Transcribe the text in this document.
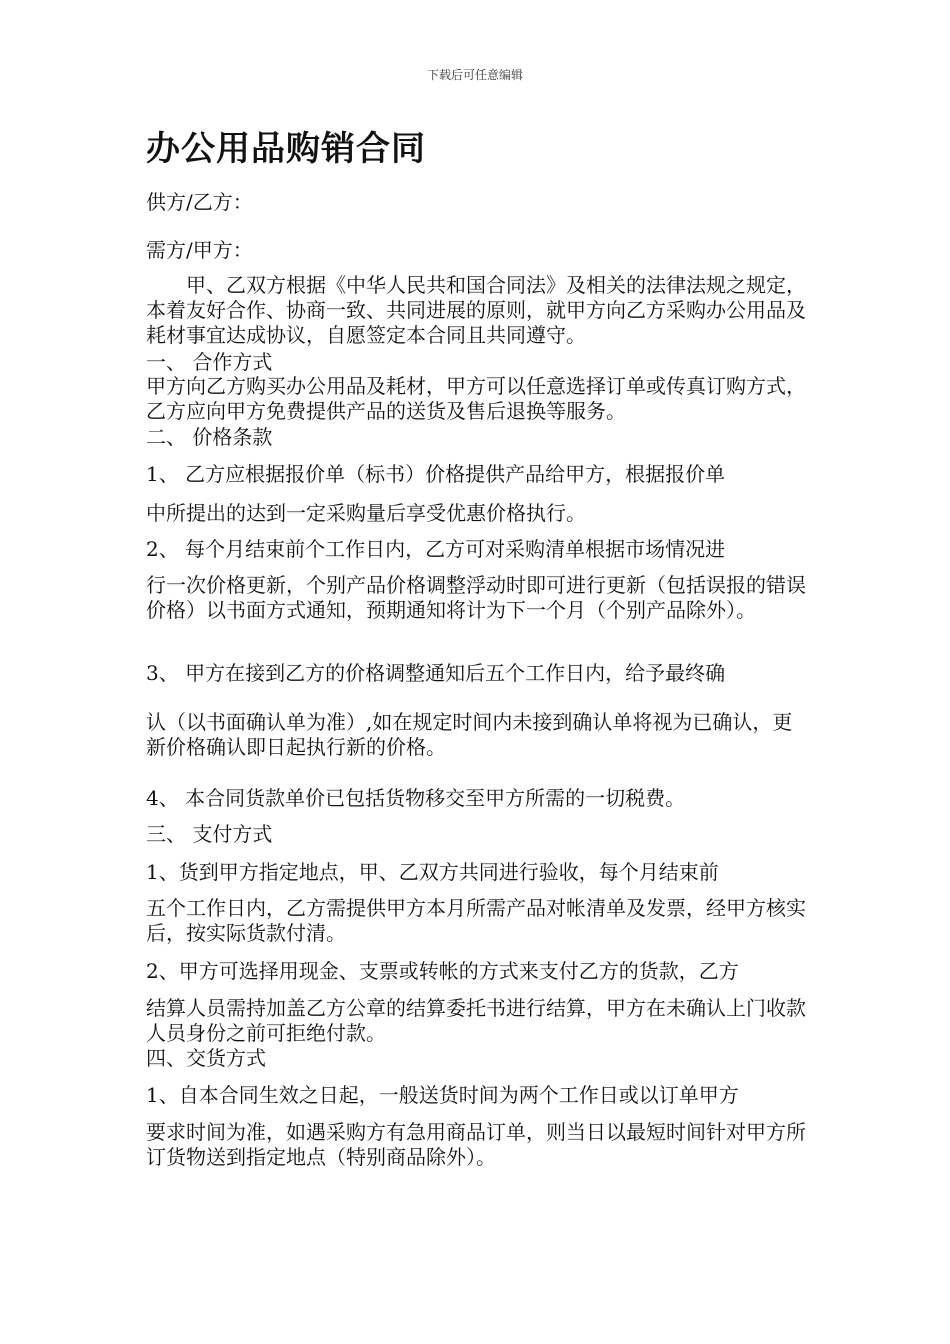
下载后可任意编辑
办公用品购销合同
供方/乙方：
需方/甲方：

甲、乙双方根据《中华人民共和国合同法》及相关的法律法规之规定，本着友好合作、协商一致、共同进展的原则，就甲方向乙方采购办公用品及耗材事宜达成协议，自愿签定本合同且共同遵守。

一、 合作方式

甲方向乙方购买办公用品及耗材，甲方可以任意选择订单或传真订购方式，乙方应向甲方免费提供产品的送货及售后退换等服务。

二、 价格条款
1、 乙方应根据报价单（标书）价格提供产品给甲方，根据报价单
中所提出的达到一定采购量后享受优惠价格执行。
2、 每个月结束前个工作日内，乙方可对采购清单根据市场情况进

行一次价格更新，个别产品价格调整浮动时即可进行更新（包括误报的错误价格）以书面方式通知，预期通知将计为下一个月（个别产品除外）。

3、 甲方在接到乙方的价格调整通知后五个工作日内，给予最终确

认（以书面确认单为准）,如在规定时间内未接到确认单将视为已确认，更新价格确认即日起执行新的价格。

4、 本合同货款单价已包括货物移交至甲方所需的一切税费。
三、 支付方式
1、货到甲方指定地点，甲、乙双方共同进行验收，每个月结束前

五个工作日内，乙方需提供甲方本月所需产品对帐清单及发票，经甲方核实后，按实际货款付清。

2、甲方可选择用现金、支票或转帐的方式来支付乙方的货款，乙方

结算人员需持加盖乙方公章的结算委托书进行结算，甲方在未确认上门收款人员身份之前可拒绝付款。

四、交货方式
1、自本合同生效之日起，一般送货时间为两个工作日或以订单甲方

要求时间为准，如遇采购方有急用商品订单，则当日以最短时间针对甲方所订货物送到指定地点（特别商品除外）。
